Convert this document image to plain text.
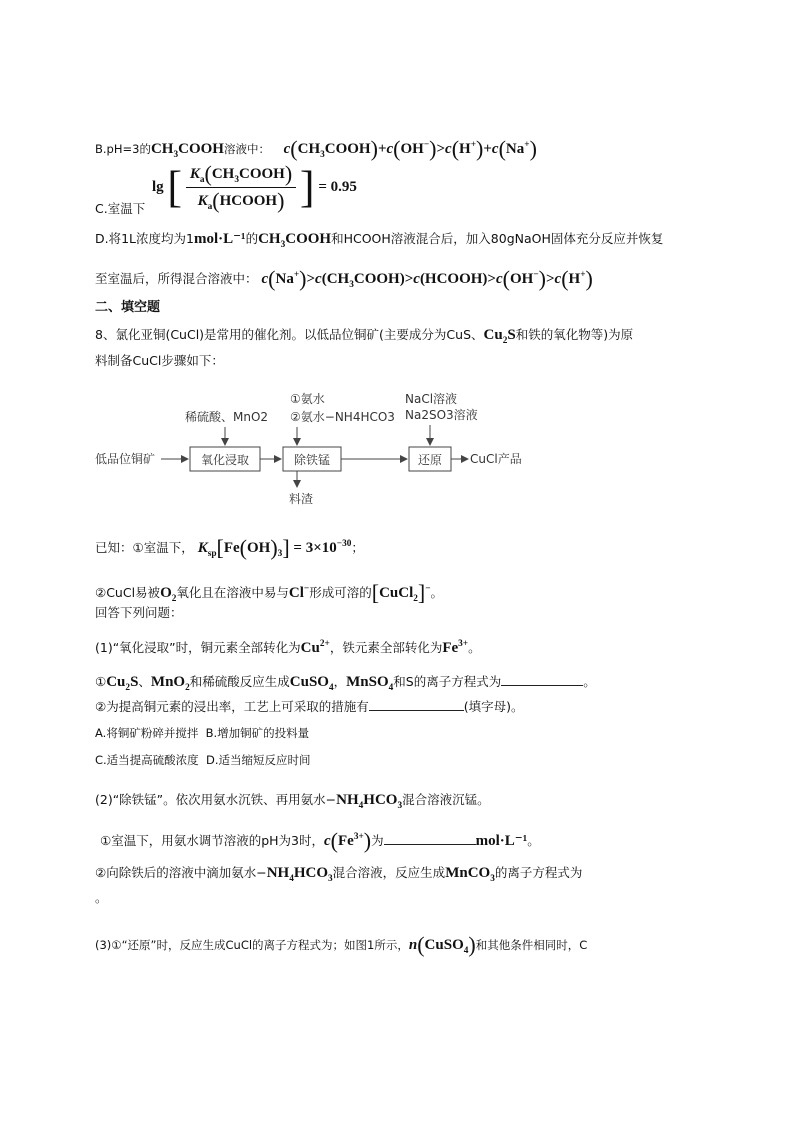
B.pH=3的$CH_3COOH$溶液中： $c(CH_3COOH)+c(OH^-)>c(H^+)+c(Na^+)$
lg [ $\frac{K_a(CH_3COOH)}{K_a(HCOOH)}$ ] = 0.95
C.室温下
D.将1L浓度均为1mol·L⁻¹的$CH_3COOH$和HCOOH溶液混合后，加入80gNaOH固体充分反应并恢复
至室温后，所得混合溶液中： $c(Na^+)>c(CH_3COOH)>c(HCOOH)>c(OH^-)>c(H^+)$
二、填空题
8、氯化亚铜(CuCl)是常用的催化剂。以低品位铜矿(主要成分为CuS、$Cu_2S$和铁的氧化物等)为原
料制备CuCl步骤如下：
低品位铜矿	氧化浸取	除铁锰	还原 CuCl产品
稀硫酸、MnO2
①氨水
②氨水−NH4HCO3
NaCl溶液
Na2SO3溶液
料渣
已知：①室温下， $K_{sp}[Fe(OH)_3] = 3\times 10^{-30}$；
②CuCl易被$O_2$氧化且在溶液中易与Cl−形成可溶的[CuCl$_2$]−。
回答下列问题：
(1)“氧化浸取”时，铜元素全部转化为$Cu^{2+}$，铁元素全部转化为$Fe^{3+}$。
$①Cu_2S$、MnO$_2$和稀硫酸反应生成CuSO$_4$，MnSO$_4$和S的离子方程式为	。
②为提高铜元素的浸出率，工艺上可采取的措施有	(填字母)。
A.将铜矿粉碎并搅拌 B.增加铜矿的投料量
C.适当提高硫酸浓度 D.适当缩短反应时间
(2)“除铁锰”。依次用氨水沉铁、再用氨水$-NH_4HCO_3$混合溶液沉锰。
①室温下，用氨水调节溶液的pH为3时，$c(Fe^{3+})$为	mol·L⁻¹。
②向除铁后的溶液中滴加氨水$-NH_4HCO_3$混合溶液，反应生成MnCO$_3$的离子方程式为
。
(3)①“还原”时，反应生成CuCl的离子方程式为；如图1所示，n(CuSO$_4$)和其他条件相同时，C
